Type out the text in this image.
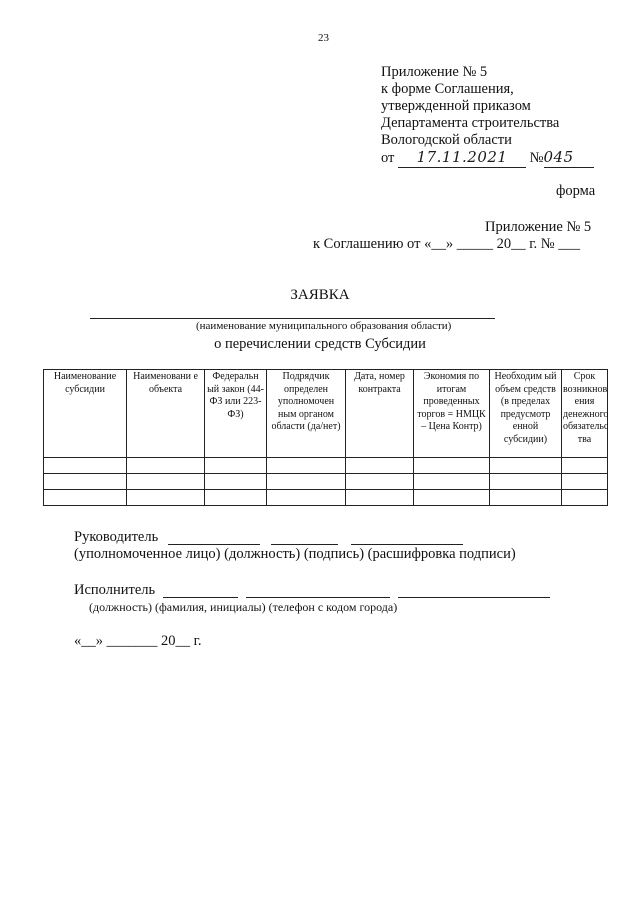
23
Приложение № 5
к форме Соглашения,
утвержденной приказом
Департамента строительства
Вологодской области
от 17.11.2021 №045
форма
Приложение № 5
к Соглашению от «__» _____ 20__ г. № ___
ЗАЯВКА
(наименование муниципального образования области)
о перечислении средств Субсидии
Наименование субсидии	Наименовани е объекта	Федеральн ый закон (44-ФЗ или 223-ФЗ)	Подрядчик определен уполномочен ным органом области (да/нет)	Дата, номер контракта	Экономия по итогам проведенных торгов = НМЦК – Цена Контр)	Необходим ый объем средств (в пределах предусмотр енной субсидии)	Срок возникнов ения денежного обязательс тва

Руководитель
(уполномоченное лицо) (должность) (подпись) (расшифровка подписи)
Исполнитель
(должность) (фамилия, инициалы) (телефон с кодом города)
«__» _______ 20__ г.
